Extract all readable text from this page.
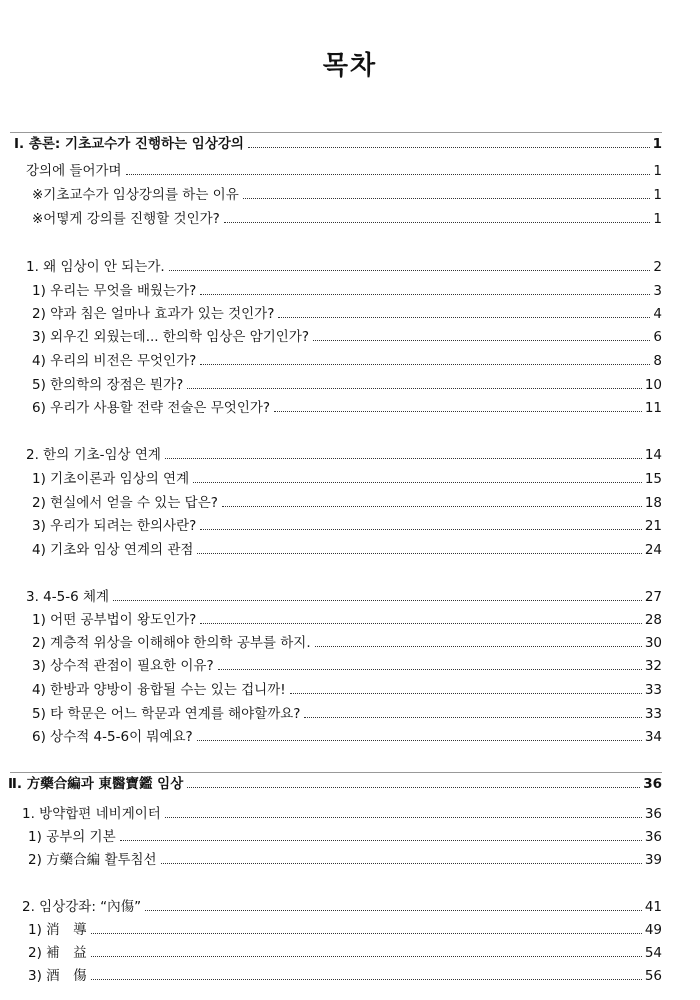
목차
Ⅰ. 총론: 기초교수가 진행하는 임상강의	1
강의에 들어가며	1
※기초교수가 임상강의를 하는 이유	1
※어떻게 강의를 진행할 것인가?	1
1. 왜 임상이 안 되는가.	2
1) 우리는 무엇을 배웠는가?	3
2) 약과 침은 얼마나 효과가 있는 것인가?	4
3) 외우긴 외웠는데... 한의학 임상은 암기인가?	6
4) 우리의 비전은 무엇인가?	8
5) 한의학의 장점은 뭔가?	10
6) 우리가 사용할 전략 전술은 무엇인가?	11
2. 한의 기초-임상 연계	14
1) 기초이론과 임상의 연계	15
2) 현실에서 얻을 수 있는 답은?	18
3) 우리가 되려는 한의사란?	21
4) 기초와 임상 연계의 관점	24
3. 4-5-6 체계	27
1) 어떤 공부법이 왕도인가?	28
2) 계층적 위상을 이해해야 한의학 공부를 하지.	30
3) 상수적 관점이 필요한 이유?	32
4) 한방과 양방이 융합될 수는 있는 겁니까!	33
5) 타 학문은 어느 학문과 연계를 해야할까요?	33
6) 상수적 4-5-6이 뭐예요?	34
Ⅱ. 方藥合編과 東醫寶鑑 임상	36
1. 방약합편 네비게이터	36
1) 공부의 기본	36
2) 方藥合編 활투침선	39
2. 임상강좌: “內傷”	41
1) 消　導	49
2) 補　益	54
3) 酒　傷	56
